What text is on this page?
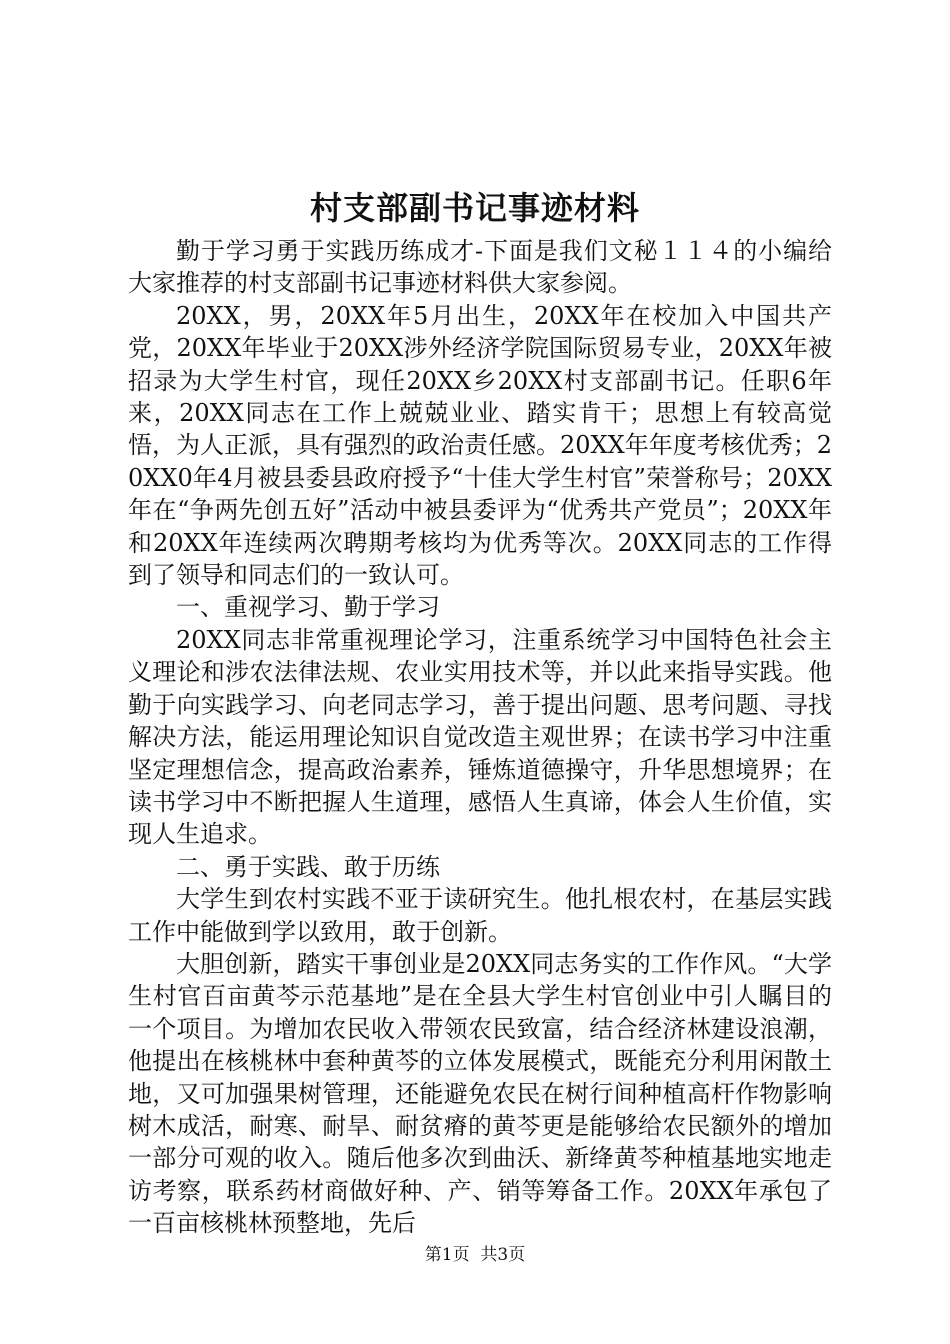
村支部副书记事迹材料

勤于学习勇于实践历练成才-下面是我们文秘１１４的小编给大家推荐的村支部副书记事迹材料供大家参阅。

20XX，男，20XX年5月出生，20XX年在校加入中国共产党，20XX年毕业于20XX涉外经济学院国际贸易专业，20XX年被招录为大学生村官，现任20XX乡20XX村支部副书记。任职6年来，20XX同志在工作上兢兢业业、踏实肯干；思想上有较高觉悟，为人正派，具有强烈的政治责任感。20XX年年度考核优秀；20XX0年4月被县委县政府授予“十佳大学生村官”荣誉称号；20XX年在“争两先创五好”活动中被县委评为“优秀共产党员”；20XX年和20XX年连续两次聘期考核均为优秀等次。20XX同志的工作得到了领导和同志们的一致认可。

一、重视学习、勤于学习

20XX同志非常重视理论学习，注重系统学习中国特色社会主义理论和涉农法律法规、农业实用技术等，并以此来指导实践。他勤于向实践学习、向老同志学习，善于提出问题、思考问题、寻找解决方法，能运用理论知识自觉改造主观世界；在读书学习中注重坚定理想信念，提高政治素养，锤炼道德操守，升华思想境界；在读书学习中不断把握人生道理，感悟人生真谛，体会人生价值，实现人生追求。

二、勇于实践、敢于历练

大学生到农村实践不亚于读研究生。他扎根农村，在基层实践工作中能做到学以致用，敢于创新。

大胆创新，踏实干事创业是20XX同志务实的工作作风。“大学生村官百亩黄芩示范基地”是在全县大学生村官创业中引人瞩目的一个项目。为增加农民收入带领农民致富，结合经济林建设浪潮，他提出在核桃林中套种黄芩的立体发展模式，既能充分利用闲散土地，又可加强果树管理，还能避免农民在树行间种植高杆作物影响树木成活，耐寒、耐旱、耐贫瘠的黄芩更是能够给农民额外的增加一部分可观的收入。随后他多次到曲沃、新绛黄芩种植基地实地走访考察，联系药材商做好种、产、销等筹备工作。20XX年承包了一百亩核桃林预整地，先后

第1页 共3页
